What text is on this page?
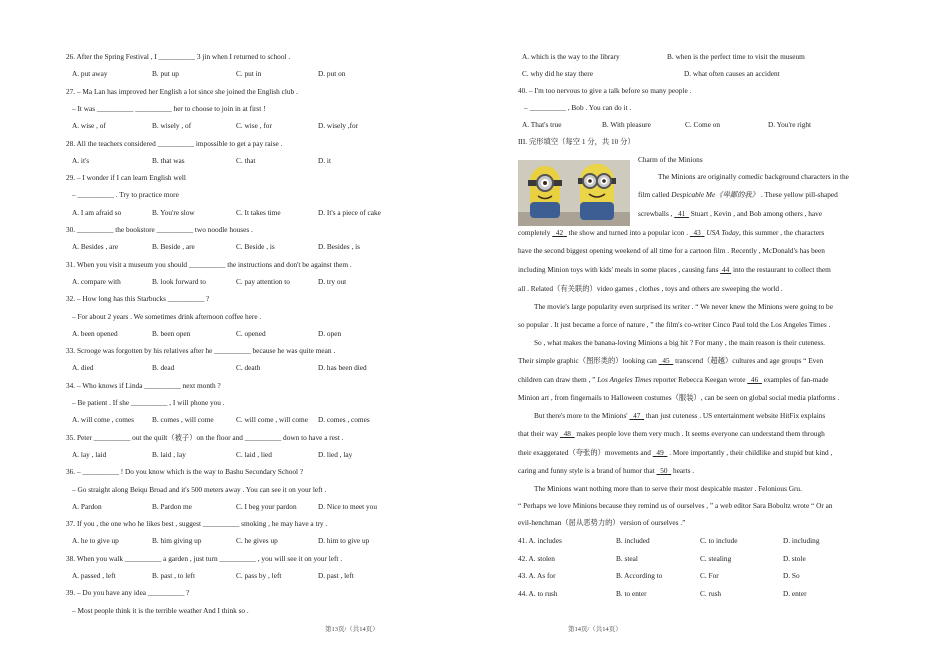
26. After the Spring Festival , I __________ 3 jin when I returned to school .
A. put away	B. put up	C. put in	D. put on
27. – Ma Lan has improved her English a lot since she joined the English club .
– It was __________ __________ her to choose to join in at first !
A. wise , of	B. wisely , of	C. wise , for	D. wisely ,for
28. All the teachers considered __________ impossible to get a pay raise .
A. it's	B. that was	C. that	D. it
29. – I wonder if I can learn English well
– __________ . Try to practice more
A. I am afraid so	B. You're slow	C. It takes time	D. It's a piece of cake
30. __________ the bookstore __________ two noodle houses .
A. Besides , are	B. Beside , are	C. Beside , is	D. Besides , is
31. When you visit a museum you should __________ the instructions and don't be against them .
A. compare with	B. look forward to	C. pay attention to	D. try out
32. – How long has this Starbucks __________ ?
– For about 2 years . We sometimes drink afternoon coffee here .
A. been opened	B. been open	C. opened	D. open
33. Scrooge was forgotten by his relatives after he __________ because he was quite mean .
A. died	B. dead	C. death	D. has been died
34. – Who knows if Linda __________ next month ?
– Be patient . If she __________ , I will phone you .
A. will come , comes B. comes , will come	C. will come , will come D. comes , comes
35. Peter __________ out the quilt（被子）on the floor and __________ down to have a rest .
A. lay , laid	B. laid , lay	C. laid , lied	D. lied , lay
36. – __________ ! Do you know which is the way to Bashu Secondary School ?
– Go straight along Beiqu Broad and it's 500 meters away . You can see it on your left .
A. Pardon	B. Pardon me	C. I beg your pardon	D. Nice to meet you
37. If you , the one who he likes best , suggest __________ smoking , he may have a try .
A. he to give up	B. him giving up	C. he gives up	D. him to give up
38. When you walk __________ a garden , just turn __________ , you will see it on your left .
A. passed , left	B. past , to left	C. pass by , left	D. past , left
39. – Do you have any idea __________ ?
– Most people think it is the terrible weather And I think so .
A. which is the way to the library	B. when is the perfect time to visit the museum
C. why did he stay there	D. what often causes an accident
40. – I'm too nervous to give a talk before so many people .
– __________ , Bob . You can do it .
A. That's true	B. With pleasure	C. Come on	D. You're right
III. 完形填空（每空 1 分，共 10 分）
Charm of the Minions
The Minions are originally comedic background characters in the
film called Despicable Me《卑鄙的我》 . These yellow pill-shaped
screwballs , 41 Stuart , Kevin , and Bob among others , have
completely 42 the show and turned into a popular icon . 43 USA Today, this summer , the characters
have the second biggest opening weekend of all time for a cartoon film . Recently , McDonald's has been
including Minion toys with kids' meals in some places , causing fans 44 into the restaurant to collect them
all . Related（有关联的）video games , clothes , toys and others are sweeping the world .
The movie's large popularity even surprised its writer . “ We never knew the Minions were going to be
so popular . It just became a force of nature , ” the film's co-writer Cinco Paul told the Los Angeles Times .
So , what makes the banana-loving Minions a big hit ? For many , the main reason is their cuteness.
Their simple graphic（图形类的）looking can 45 transcend（超越）cultures and age groups “ Even
children can draw them , ” Los Angeles Times reporter Rebecca Keegan wrote 46 examples of fan-made
Minion art , from fingernails to Halloween costumes（服装）, can be seen on global social media platforms .
But there's more to the Minions' 47 than just cuteness . US entertainment website HitFix explains
that their way 48 makes people love them very much . It seems everyone can understand them through
their exaggerated（夸张的）movements and 49 . More importantly , their childlike and stupid but kind ,
caring and funny style is a brand of humor that 50 hearts .
The Minions want nothing more than to serve their most despicable master . Felonious Gru.
“ Perhaps we love Minions because they remind us of ourselves , ” a web editor Sara Boboltz wrote “ Or an
evil-henchman（屈从恶势力的）version of ourselves .”
41. A. includes	B. included	C. to include	D. including
42. A. stolen	B. steal	C. stealing	D. stole
43. A. As for	B. According to	C. For	D. So
44. A. to rush	B. to enter	C. rush	D. enter
第13页/（共14页）	第14页/（共14页）
